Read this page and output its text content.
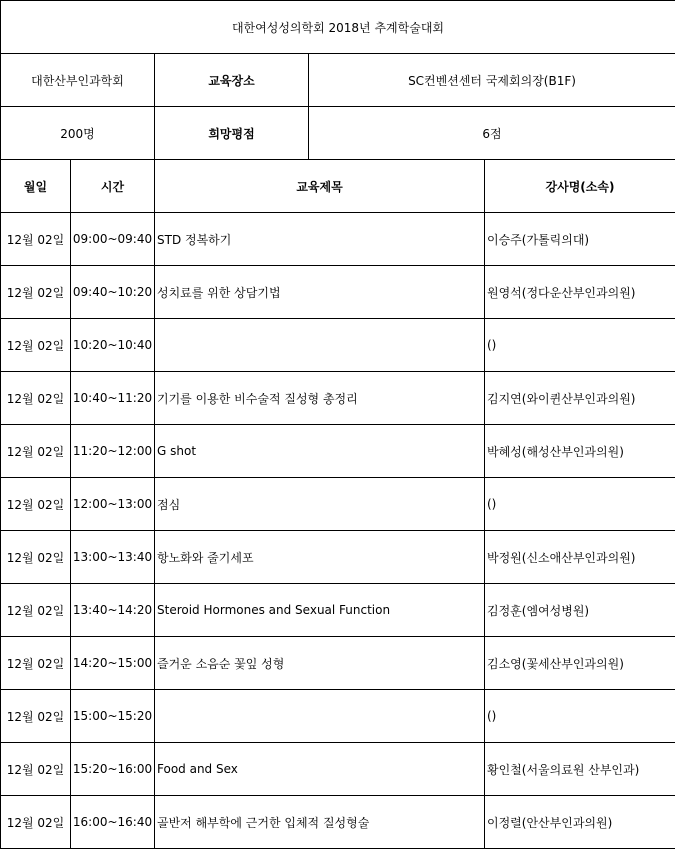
대한여성성의학회 2018년 추계학술대회				
대한산부인과학회		교육장소	SC컨벤션센터 국제회의장(B1F)	
200명		희망평점	6점	
월일	시간	교육제목		강사명(소속)
12월 02일	09:00~09:40	STD 정복하기		이승주(가톨릭의대)
12월 02일	09:40~10:20	성치료를 위한 상담기법		원영석(정다운산부인과의원)
12월 02일	10:20~10:40			()
12월 02일	10:40~11:20	기기를 이용한 비수술적 질성형 총정리		김지연(와이퀸산부인과의원)
12월 02일	11:20~12:00	G shot		박혜성(해성산부인과의원)
12월 02일	12:00~13:00	점심		()
12월 02일	13:00~13:40	항노화와 줄기세포		박정원(신소애산부인과의원)
12월 02일	13:40~14:20	Steroid Hormones and Sexual Function		김정훈(엠여성병원)
12월 02일	14:20~15:00	즐거운 소음순 꽃잎 성형		김소영(꽃세산부인과의원)
12월 02일	15:00~15:20			()
12월 02일	15:20~16:00	Food and Sex		황인철(서울의료원 산부인과)
12월 02일	16:00~16:40	골반저 해부학에 근거한 입체적 질성형술		이정렬(안산부인과의원)
